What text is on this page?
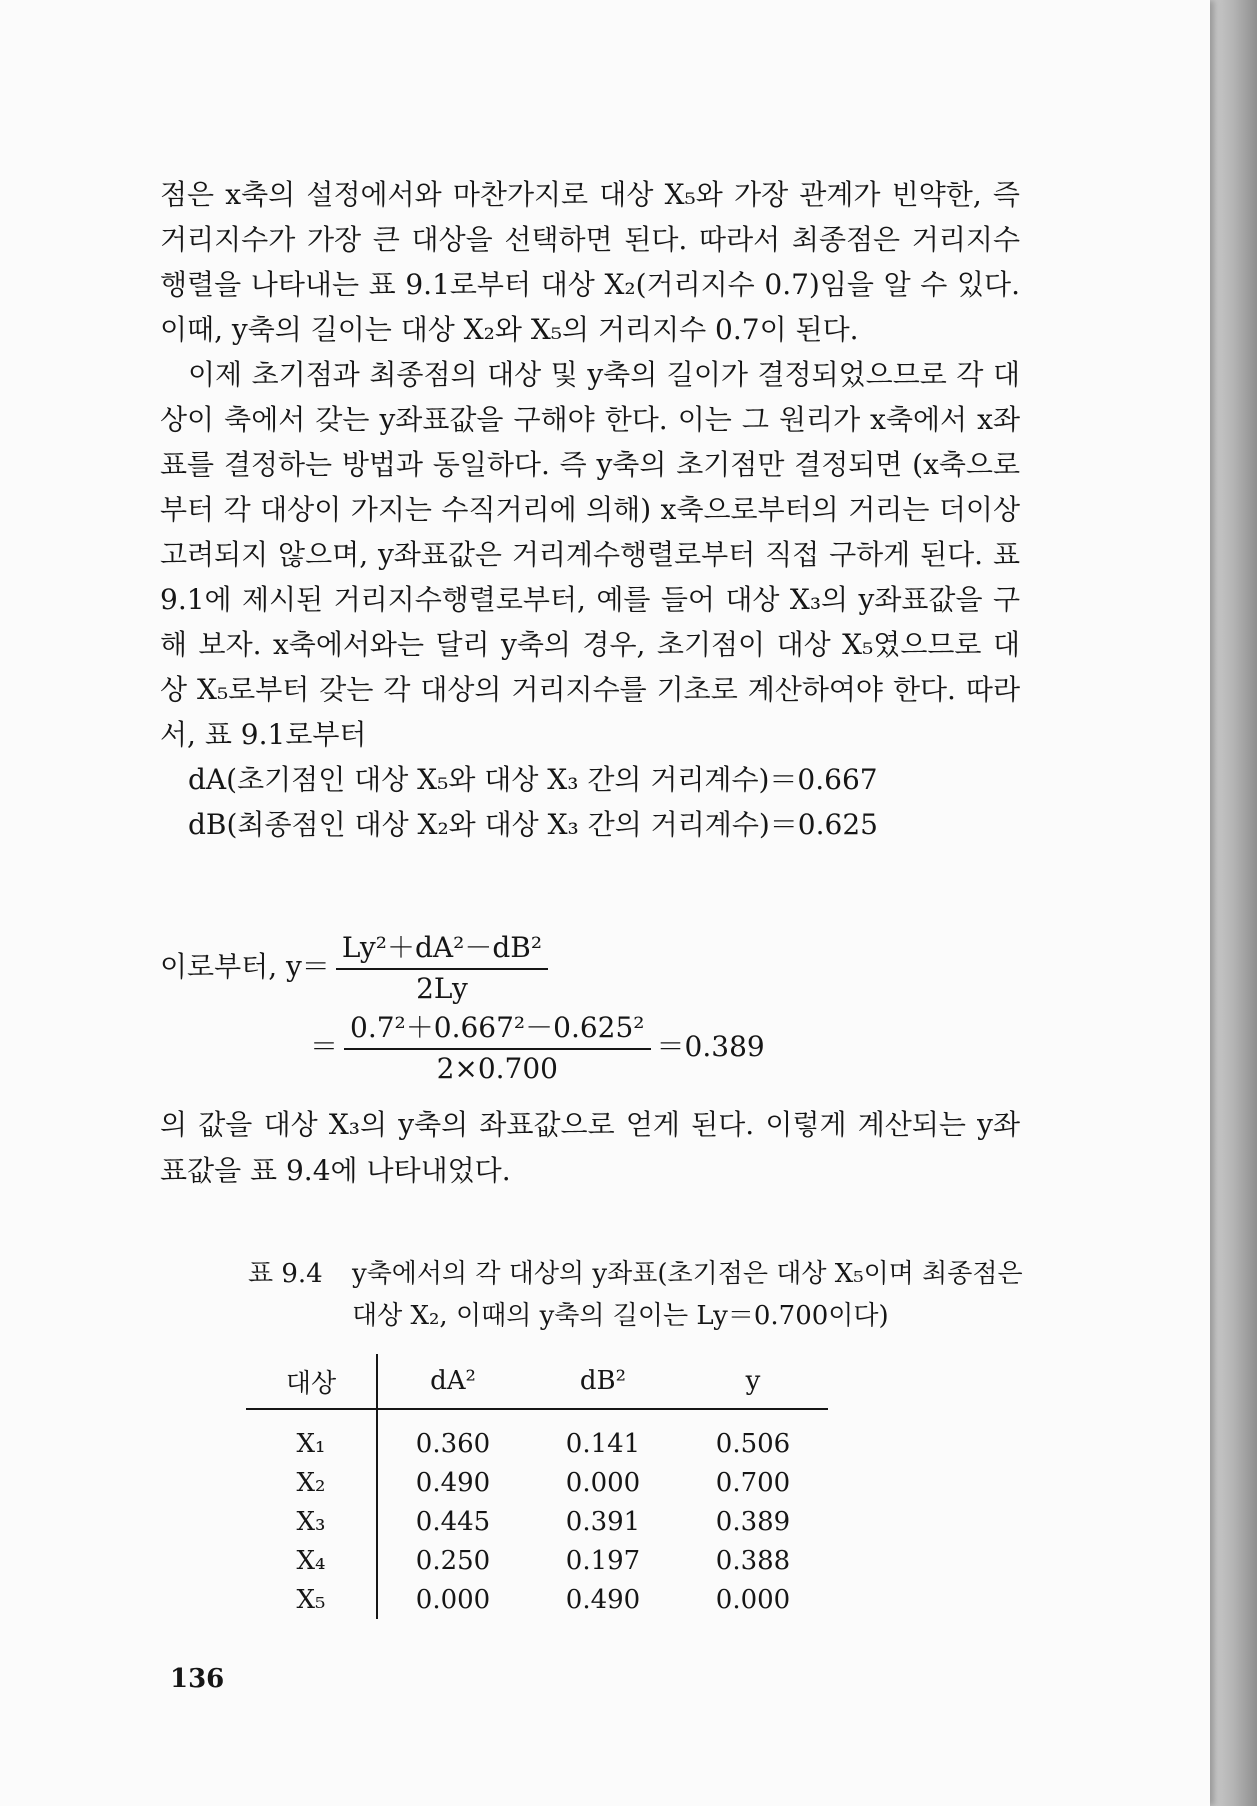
점은 x축의 설정에서와 마찬가지로 대상 X₅와 가장 관계가 빈약한, 즉 거리지수가 가장 큰 대상을 선택하면 된다. 따라서 최종점은 거리지수행렬을 나타내는 표 9.1로부터 대상 X₂(거리지수 0.7)임을 알 수 있다. 이때, y축의 길이는 대상 X₂와 X₅의 거리지수 0.7이 된다.

이제 초기점과 최종점의 대상 및 y축의 길이가 결정되었으므로 각 대상이 축에서 갖는 y좌표값을 구해야 한다. 이는 그 원리가 x축에서 x좌표를 결정하는 방법과 동일하다. 즉 y축의 초기점만 결정되면 (x축으로부터 각 대상이 가지는 수직거리에 의해) x축으로부터의 거리는 더이상 고려되지 않으며, y좌표값은 거리계수행렬로부터 직접 구하게 된다. 표 9.1에 제시된 거리지수행렬로부터, 예를 들어 대상 X₃의 y좌표값을 구해 보자. x축에서와는 달리 y축의 경우, 초기점이 대상 X₅였으므로 대상 X₅로부터 갖는 각 대상의 거리지수를 기초로 계산하여야 한다. 따라서, 표 9.1로부터

dA(초기점인 대상 X₅와 대상 X₃ 간의 거리계수)＝0.667

dB(최종점인 대상 X₂와 대상 X₃ 간의 거리계수)＝0.625

이로부터, $y= \frac{\text{Ly²＋dA²－dB²}}{2Ly}$
＝ $\frac{\text{0.7²＋0.667²－0.625²}}{2\times 0.700} =0.389$

의 값을 대상 X₃의 y축의 좌표값으로 얻게 된다. 이렇게 계산되는 y좌표값을 표 9.4에 나타내었다.

표 9.4	y축에서의 각 대상의 y좌표(초기점은 대상 X₅이며 최종점은 대상 X₂, 이때의 y축의 길이는 Ly＝0.700이다)
대상	dA²	dB²	y
X₁	0.360	0.141	0.506
X₂	0.490	0.000	0.700
X₃	0.445	0.391	0.389
X₄	0.250	0.197	0.388
X₅	0.000	0.490	0.000
136
